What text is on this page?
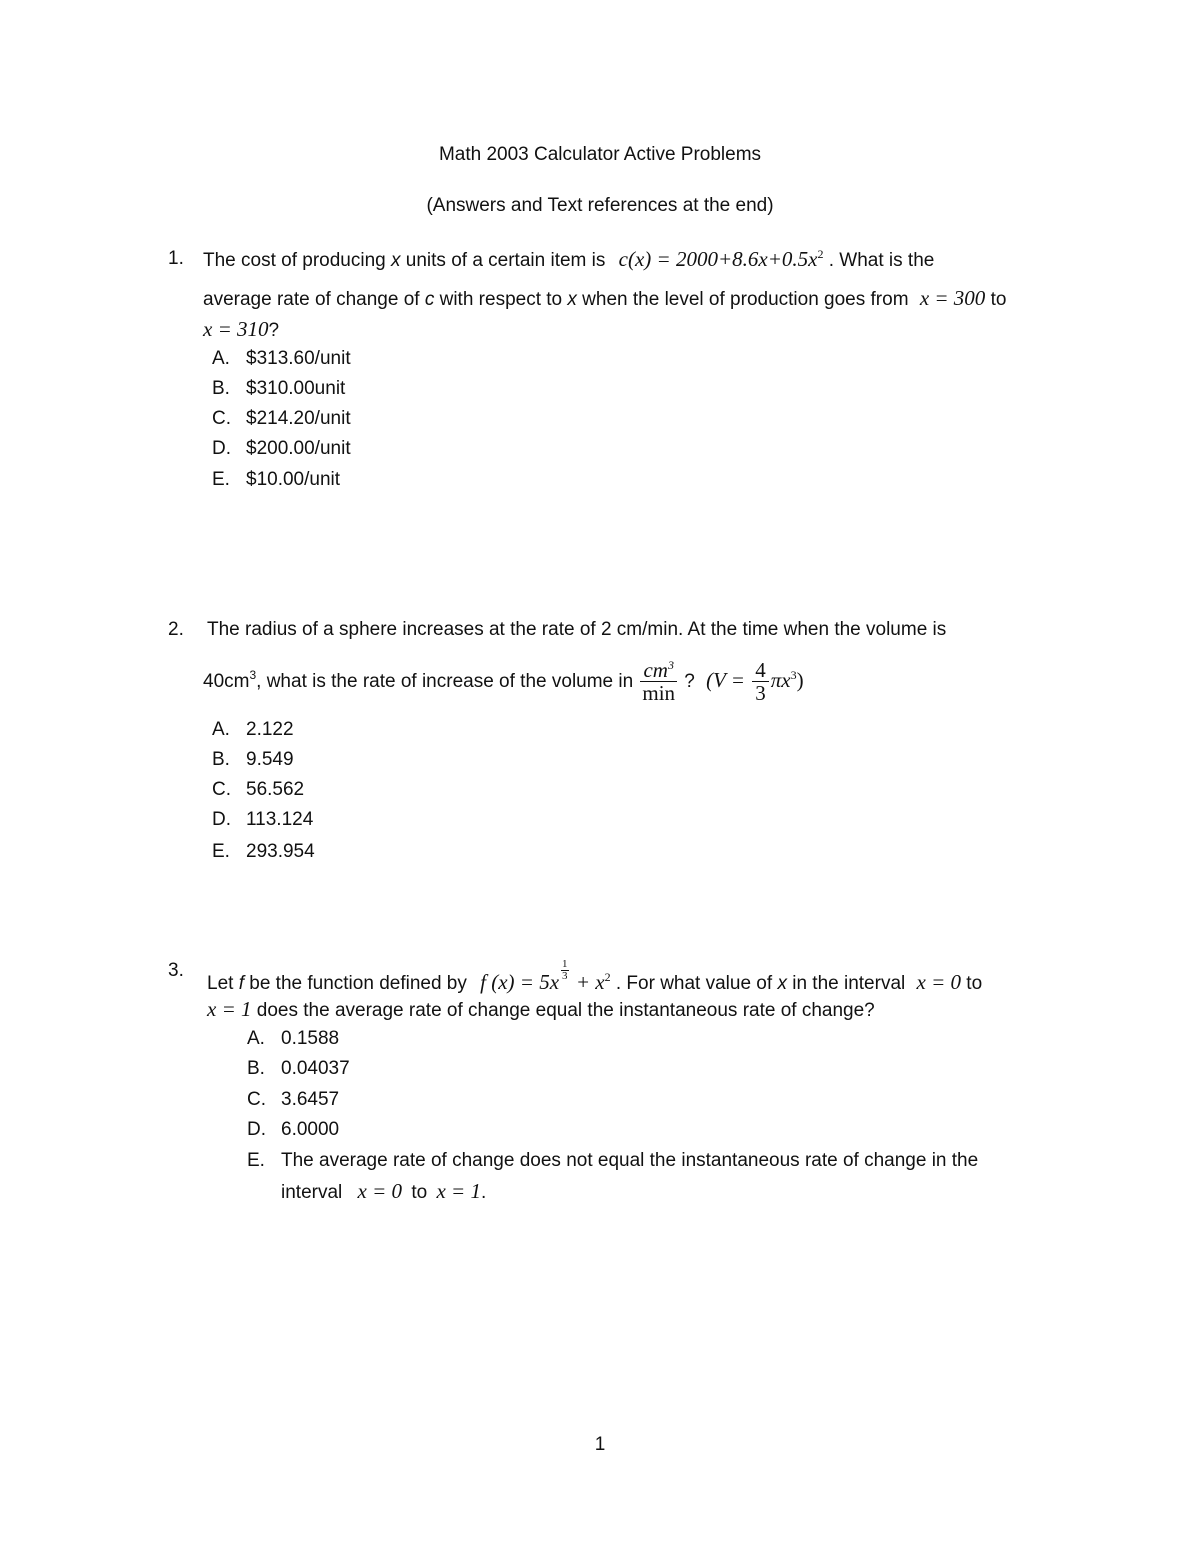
Math 2003 Calculator Active Problems
(Answers and Text references at the end)
1. The cost of producing x units of a certain item is $c(x) = 2000+8.6x+0.5x^2$ . What is the
average rate of change of c with respect to x when the level of production goes from x = 300 to
x = 310?
A. $313.60/unit
B. $310.00unit
C. $214.20/unit
D. $200.00/unit
E. $10.00/unit
2. The radius of a sphere increases at the rate of 2 cm/min. At the time when the volume is
$40cm^3$, what is the rate of increase of the volume in $\frac{cm^3}{\min}$ ? $(V = \frac{4}{3} \pi x^3)$
A. 2.122
B. 9.549
C. 56.562
D. 113.124
E. 293.954
3.
Let f be the function defined by f $(x) = 5x \frac{1}{3} + x^2$ . For what value of x in the interval x = 0 to
x = 1 does the average rate of change equal the instantaneous rate of change?
A. 0.1588
B. 0.04037
C. 3.6457
D. 6.0000
E. The average rate of change does not equal the instantaneous rate of change in the
interval x = 0 to x = 1.
1
